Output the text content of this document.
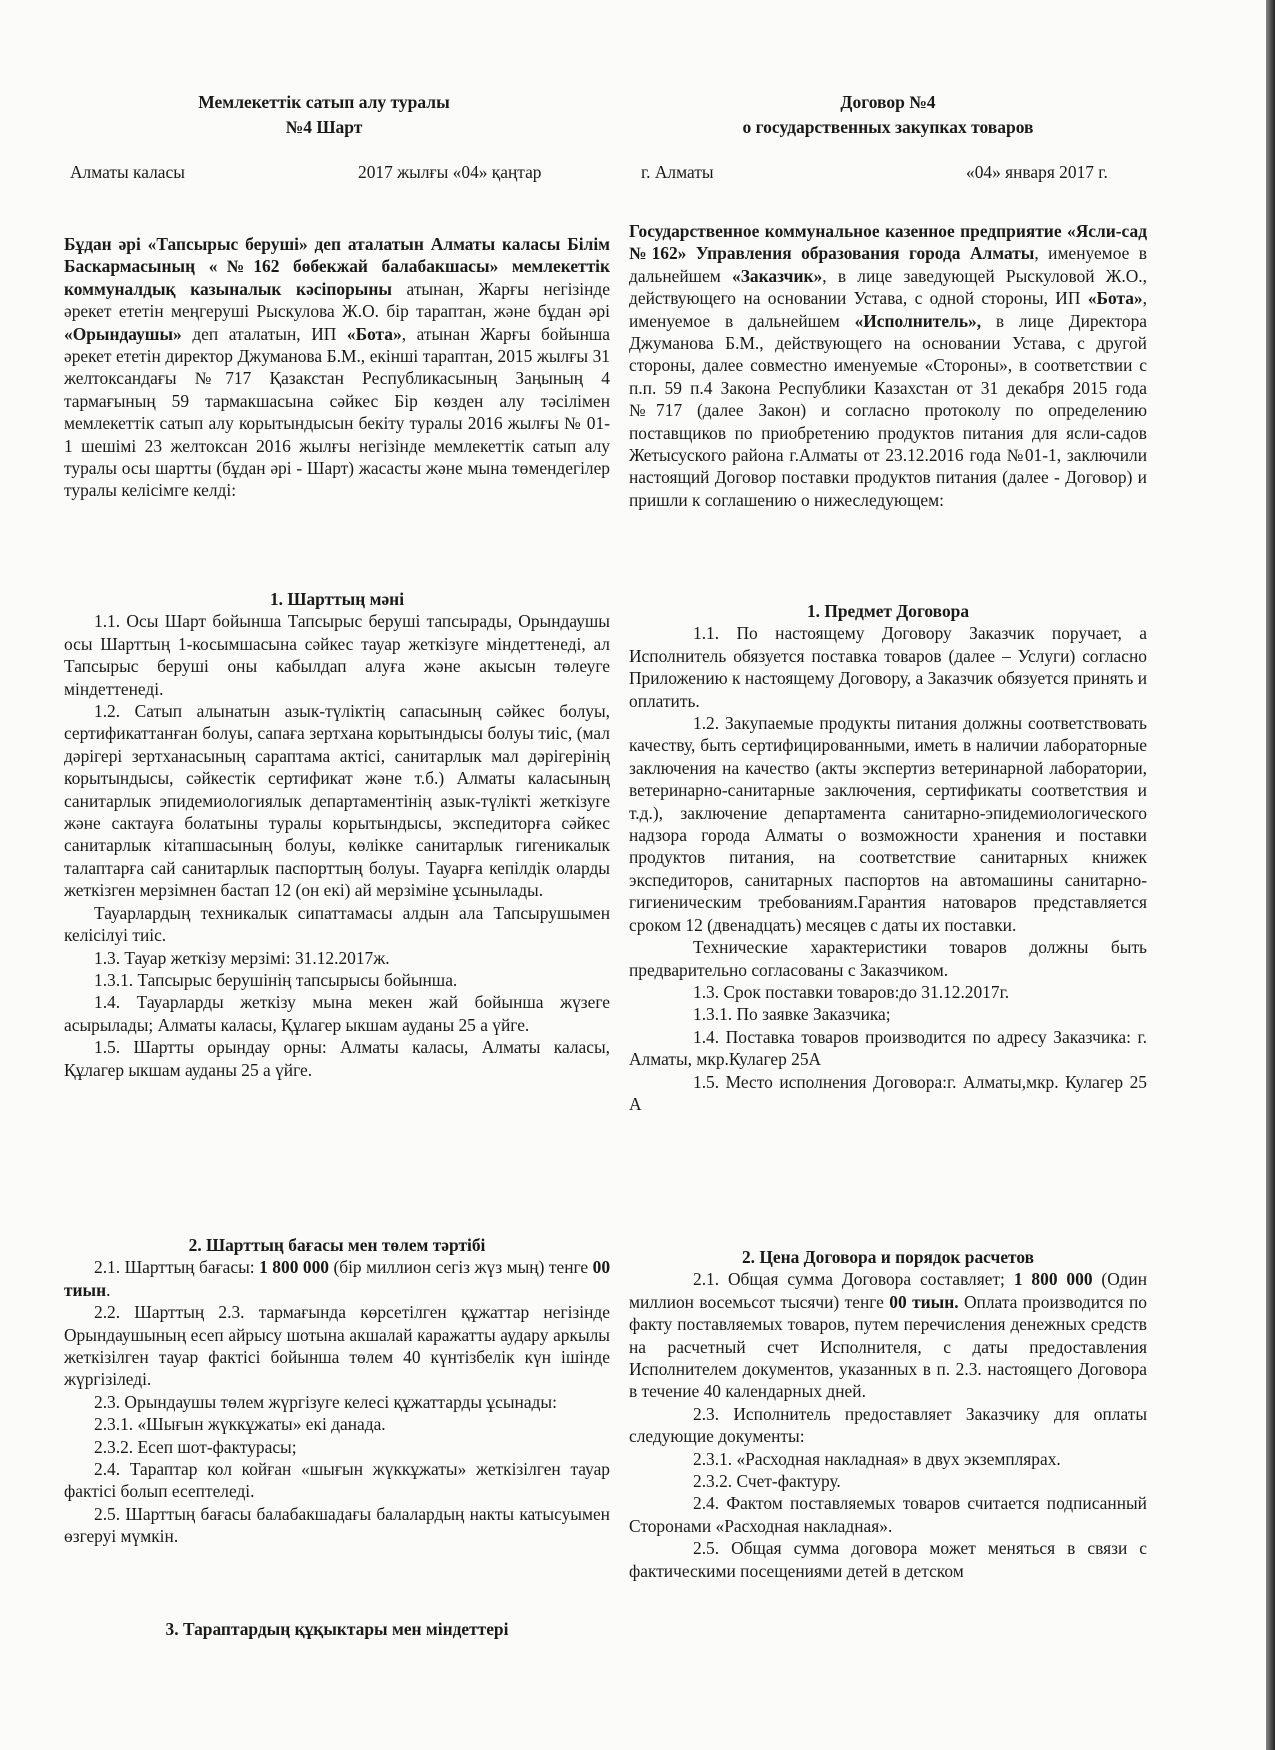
Мемлекеттік сатып алу туралы
№4 Шарт
Договор №4
о государственных закупках товаров
Алматы каласы	2017 жылғы «04» қаңтар	г. Алматы	«04» января 2017 г.

Бұдан әрі «Тапсырыс беруші» деп аталатын Алматы каласы Білім Баскармасының «№162 бөбекжай балабакшасы» мемлекеттік коммуналдық казыналык кәсіпорыны атынан, Жарғы негізінде әрекет ететін меңгеруші Рыскулова Ж.О. бір тараптан, және бұдан әрі «Орындаушы» деп аталатын, ИП «Бота», атынан Жарғы бойынша әрекет ететін директор Джуманова Б.М., екінші тараптан, 2015 жылғы 31 желтоксандағы №717 Қазакстан Республикасының Заңының 4 тармағының 59 тармакшасына сәйкес Бір көзден алу тәсілімен мемлекеттік сатып алу корытындысын бекіту туралы 2016 жылғы № 01-1 шешімі 23 желтоксан 2016 жылғы негізінде мемлекеттік сатып алу туралы осы шартты (бұдан әрі - Шарт) жасасты және мына төмендегілер туралы келісімге келді:

1. Шарттың мәні

1.1. Осы Шарт бойынша Тапсырыс беруші тапсырады, Орындаушы осы Шарттың 1-косымшасына сәйкес тауар жеткізуге міндеттенеді, ал Тапсырыс беруші оны кабылдап алуға және акысын төлеуге міндеттенеді.

1.2. Сатып алынатын азык-түліктің сапасының сәйкес болуы, сертификаттанған болуы, сапаға зертхана корытындысы болуы тиіс, (мал дәрігері зертханасының сараптама актісі, санитарлык мал дәрігерінің корытындысы, сәйкестік сертификат және т.б.) Алматы каласының санитарлык эпидемиологиялык департаментінің азык-түлікті жеткізуге және сактауға болатыны туралы корытындысы, экспедиторға сәйкес санитарлык кітапшасының болуы, көлікке санитарлык гигеникалык талаптарға сай санитарлык паспорттың болуы. Тауарға кепілдік оларды жеткізген мерзімнен бастап 12 (он екі) ай мерзіміне ұсынылады.

Тауарлардың техникалык сипаттамасы алдын ала Тапсырушымен келісілуі тиіс.

1.3. Тауар жеткізу мерзімі: 31.12.2017ж.

1.3.1. Тапсырыс берушінің тапсырысы бойынша.

1.4. Тауарларды жеткізу мына мекен жай бойынша жүзеге асырылады; Алматы каласы, Құлагер ыкшам ауданы 25 а үйге.

1.5. Шартты орындау орны: Алматы каласы, Алматы каласы, Құлагер ыкшам ауданы 25 а үйге.

2. Шарттың бағасы мен төлем тәртібі

2.1. Шарттың бағасы: 1 800 000 (бір миллион сегіз жүз мың) тенге 00 тиын.

2.2. Шарттың 2.3. тармағында көрсетілген құжаттар негізінде Орындаушының есеп айрысу шотына акшалай каражатты аудару аркылы жеткізілген тауар фактісі бойынша төлем 40 күнтізбелік күн ішінде жүргізіледі.

2.3. Орындаушы төлем жүргізуге келесі құжаттарды ұсынады:

2.3.1. «Шығын жүккұжаты» екі данада.

2.3.2. Есеп шот-фактурасы;

2.4. Тараптар кол койған «шығын жүккұжаты» жеткізілген тауар фактісі болып есептеледі.

2.5. Шарттың бағасы балабакшадағы балалардың накты катысуымен өзгеруі мүмкін.

3. Тараптардың құқыктары мен міндеттері

Государственное коммунальное казенное предприятие «Ясли-сад №162» Управления образования города Алматы, именуемое в дальнейшем «Заказчик», в лице заведующей Рыскуловой Ж.О., действующего на основании Устава, с одной стороны, ИП «Бота», именуемое в дальнейшем «Исполнитель», в лице Директора Джуманова Б.М., действующего на основании Устава, с другой стороны, далее совместно именуемые «Стороны», в соответствии с п.п. 59 п.4 Закона Республики Казахстан от 31 декабря 2015 года №717 (далее Закон) и согласно протоколу по определению поставщиков по приобретению продуктов питания для ясли-садов Жетысуского района г.Алматы от 23.12.2016 года №01-1, заключили настоящий Договор поставки продуктов питания (далее - Договор) и пришли к соглашению о нижеследующем:

1. Предмет Договора

1.1. По настоящему Договору Заказчик поручает, а Исполнитель обязуется поставка товаров (далее – Услуги) согласно Приложению к настоящему Договору, а Заказчик обязуется принять и оплатить.

1.2. Закупаемые продукты питания должны соответствовать качеству, быть сертифицированными, иметь в наличии лабораторные заключения на качество (акты экспертиз ветеринарной лаборатории, ветеринарно-санитарные заключения, сертификаты соответствия и т.д.), заключение департамента санитарно-эпидемиологического надзора города Алматы о возможности хранения и поставки продуктов питания, на соответствие санитарных книжек экспедиторов, санитарных паспортов на автомашины санитарно-гигиеническим требованиям.Гарантия натоваров представляется сроком 12 (двенадцать) месяцев с даты их поставки.

Технические характеристики товаров должны быть предварительно согласованы с Заказчиком.

1.3. Срок поставки товаров:до 31.12.2017г.

1.3.1. По заявке Заказчика;

1.4. Поставка товаров производится по адресу Заказчика: г. Алматы, мкр.Кулагер 25А

1.5. Место исполнения Договора:г. Алматы,мкр. Кулагер 25 А

2. Цена Договора и порядок расчетов

2.1. Общая сумма Договора составляет; 1 800 000 (Один миллион восемьсот тысячи) тенге 00 тиын. Оплата производится по факту поставляемых товаров, путем перечисления денежных средств на расчетный счет Исполнителя, с даты предоставления Исполнителем документов, указанных в п. 2.3. настоящего Договора в течение 40 календарных дней.

2.3. Исполнитель предоставляет Заказчику для оплаты следующие документы:

2.3.1. «Расходная накладная» в двух экземплярах.

2.3.2. Счет-фактуру.

2.4. Фактом поставляемых товаров считается подписанный Сторонами «Расходная накладная».

2.5. Общая сумма договора может меняться в связи с фактическими посещениями детей в детском
